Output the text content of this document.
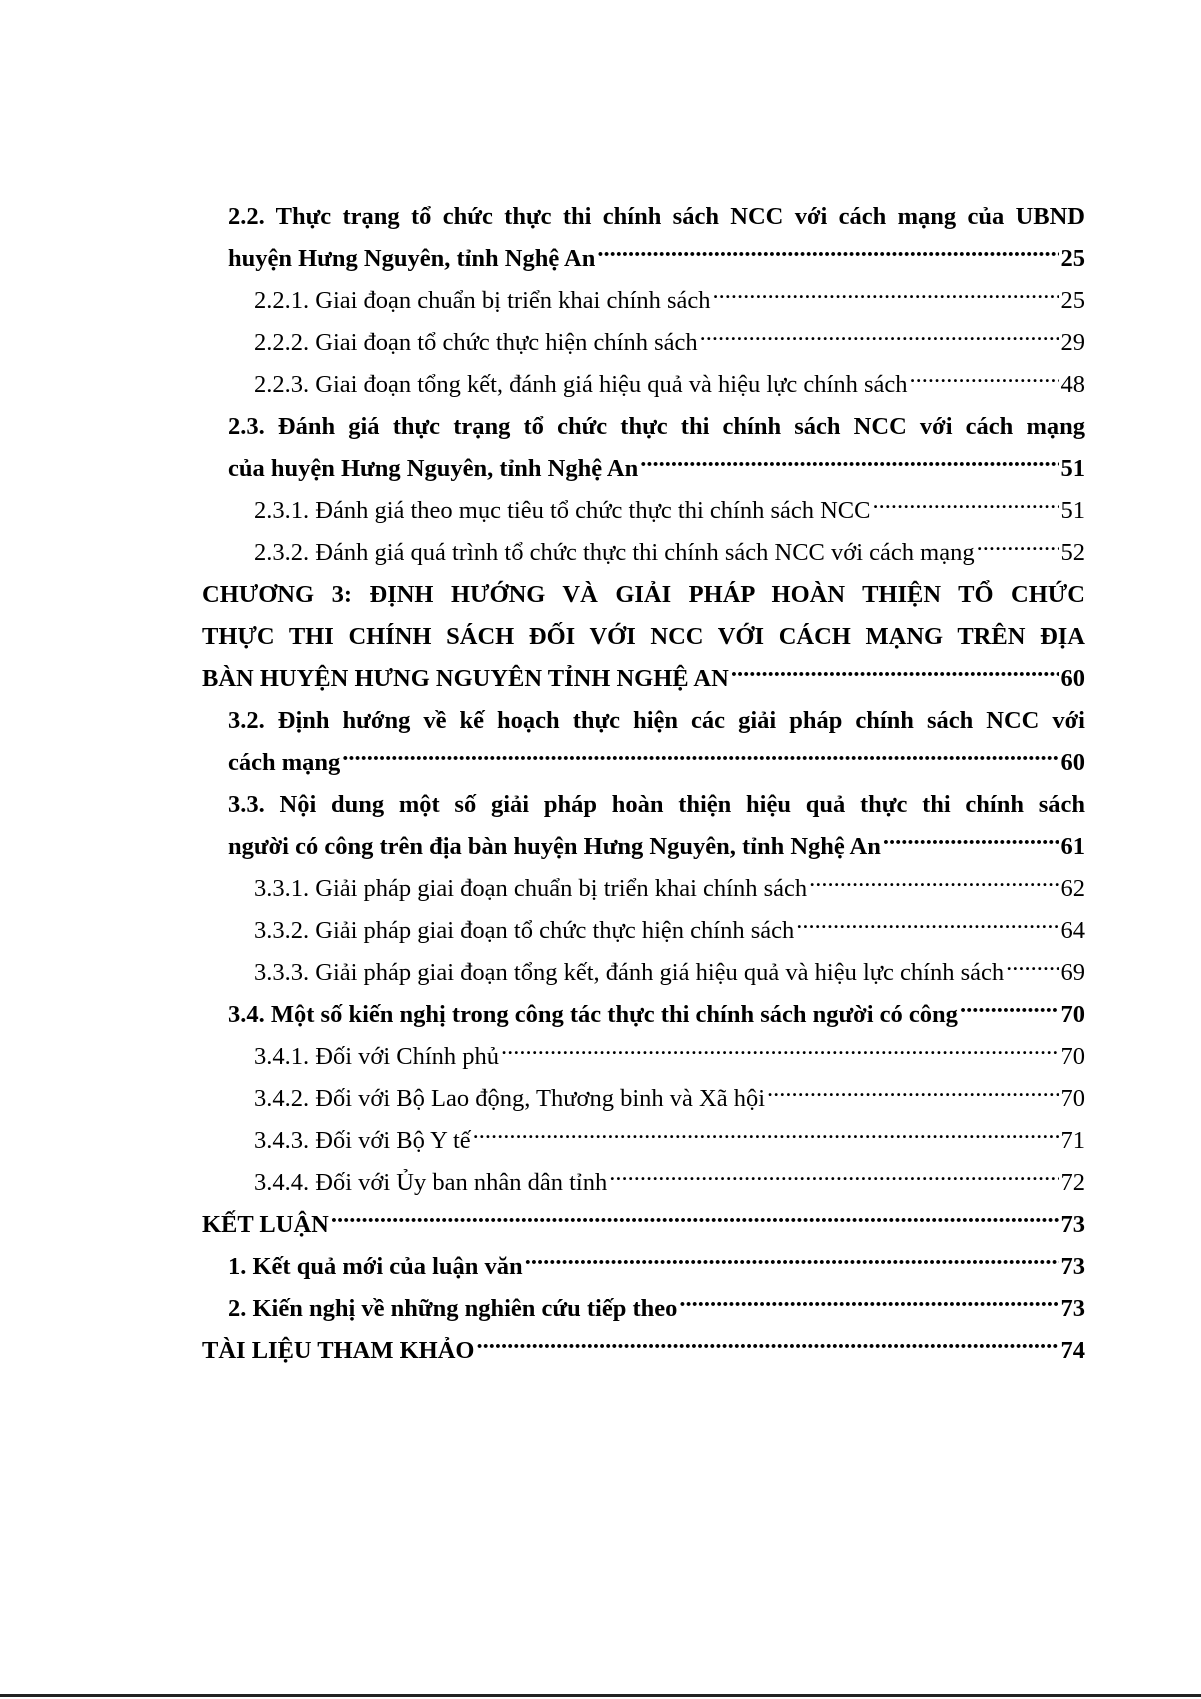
2.2. Thực trạng tổ chức thực thi chính sách NCC với cách mạng của UBND
huyện Hưng Nguyên, tỉnh Nghệ An .....	25
2.2.1. Giai đoạn chuẩn bị triển khai chính sách .....	25
2.2.2. Giai đoạn tổ chức thực hiện chính sách .....	29
2.2.3. Giai đoạn tổng kết, đánh giá hiệu quả và hiệu lực chính sách .....	48
2.3. Đánh giá thực trạng tổ chức thực thi chính sách NCC với cách mạng
của huyện Hưng Nguyên, tỉnh Nghệ An .....	51
2.3.1. Đánh giá theo mục tiêu tổ chức thực thi chính sách NCC .....	51
2.3.2. Đánh giá quá trình tổ chức thực thi chính sách NCC với cách mạng .....	52
CHƯƠNG 3: ĐỊNH HƯỚNG VÀ GIẢI PHÁP HOÀN THIỆN TỔ CHỨC
THỰC THI CHÍNH SÁCH ĐỐI VỚI NCC VỚI CÁCH MẠNG TRÊN ĐỊA
BÀN HUYỆN HƯNG NGUYÊN TỈNH NGHỆ AN .....	60
3.2. Định hướng về kế hoạch thực hiện các giải pháp chính sách NCC với
cách mạng .....	60
3.3. Nội dung một số giải pháp hoàn thiện hiệu quả thực thi chính sách
người có công trên địa bàn huyện Hưng Nguyên, tỉnh Nghệ An .....	61
3.3.1. Giải pháp giai đoạn chuẩn bị triển khai chính sách .....	62
3.3.2. Giải pháp giai đoạn tổ chức thực hiện chính sách .....	64
3.3.3. Giải pháp giai đoạn tổng kết, đánh giá hiệu quả và hiệu lực chính sách ..... 69
3.4. Một số kiến nghị trong công tác thực thi chính sách người có công .....	70
3.4.1. Đối với Chính phủ .....	70
3.4.2. Đối với Bộ Lao động, Thương binh và Xã hội .....	70
3.4.3. Đối với Bộ Y tế .....	71
3.4.4. Đối với Ủy ban nhân dân tỉnh .....	72
KẾT LUẬN .....	73
1. Kết quả mới của luận văn .....	73
2. Kiến nghị về những nghiên cứu tiếp theo .....	73
TÀI LIỆU THAM KHẢO .....	74
